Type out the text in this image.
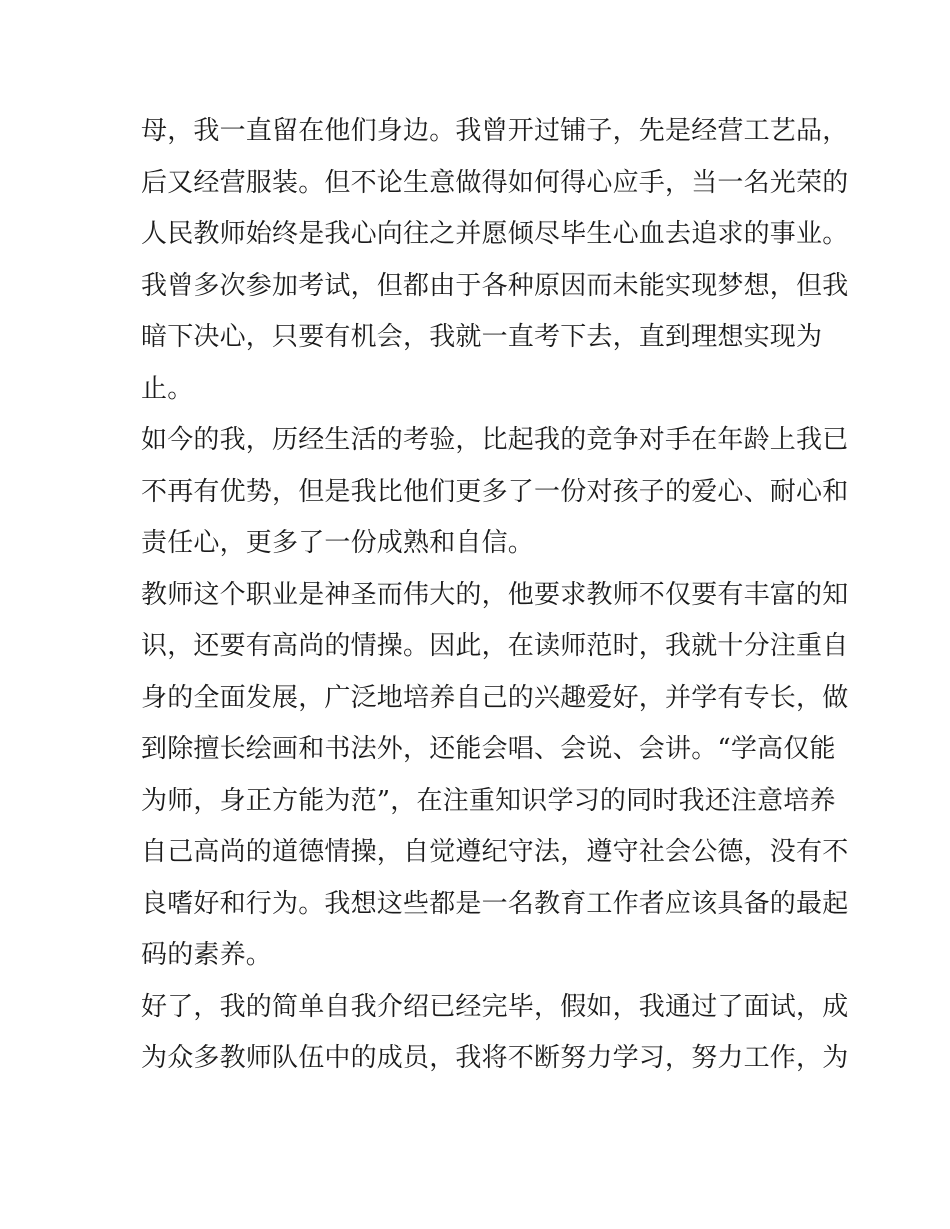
母，我一直留在他们身边。我曾开过铺子，先是经营工艺品，
后又经营服装。但不论生意做得如何得心应手，当一名光荣的
人民教师始终是我心向往之并愿倾尽毕生心血去追求的事业。
我曾多次参加考试，但都由于各种原因而未能实现梦想，但我
暗下决心，只要有机会，我就一直考下去，直到理想实现为
止。
如今的我，历经生活的考验，比起我的竞争对手在年龄上我已
不再有优势，但是我比他们更多了一份对孩子的爱心、耐心和
责任心，更多了一份成熟和自信。
教师这个职业是神圣而伟大的，他要求教师不仅要有丰富的知
识，还要有高尚的情操。因此，在读师范时，我就十分注重自
身的全面发展，广泛地培养自己的兴趣爱好，并学有专长，做
到除擅长绘画和书法外，还能会唱、会说、会讲。“学高仅能
为师，身正方能为范”，在注重知识学习的同时我还注意培养
自己高尚的道德情操，自觉遵纪守法，遵守社会公德，没有不
良嗜好和行为。我想这些都是一名教育工作者应该具备的最起
码的素养。
好了，我的简单自我介绍已经完毕，假如，我通过了面试，成
为众多教师队伍中的成员，我将不断努力学习，努力工作，为
